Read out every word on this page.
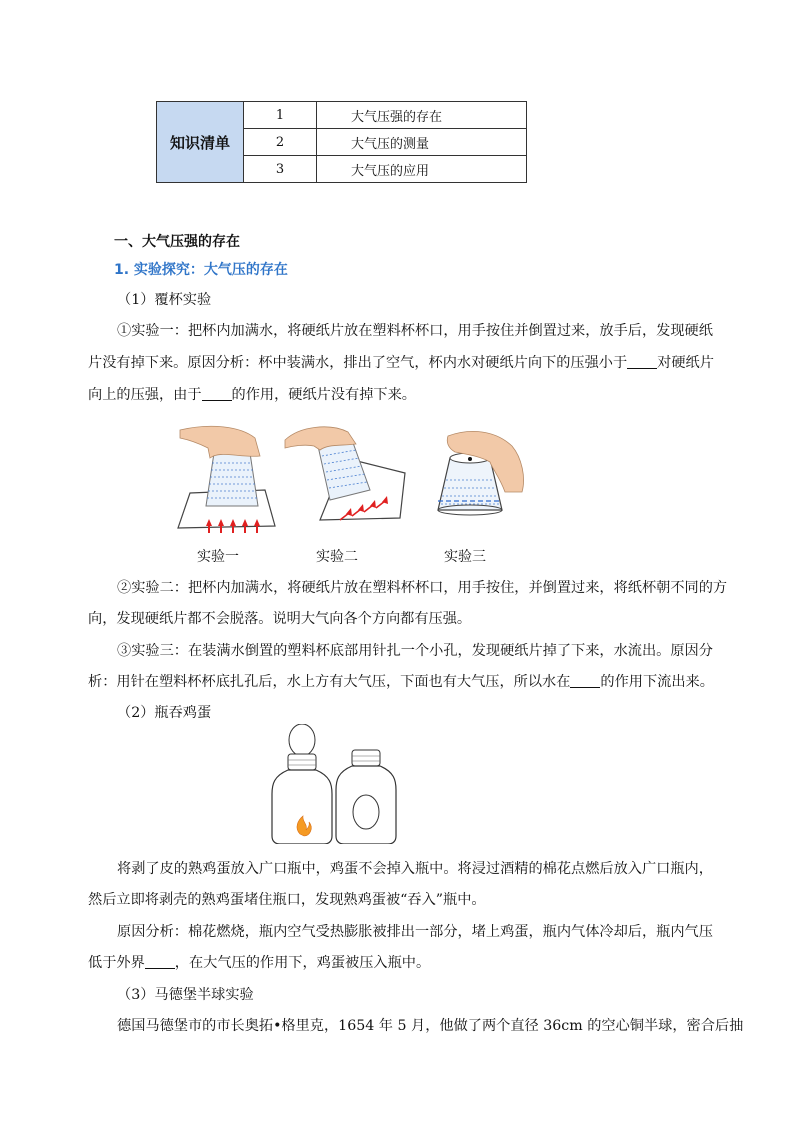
知识清单	1	大气压强的存在
	2	大气压的测量
	3	大气压的应用
一、大气压强的存在
1. 实验探究：大气压的存在
（1）覆杯实验
①实验一：把杯内加满水，将硬纸片放在塑料杯杯口，用手按住并倒置过来，放手后，发现硬纸
片没有掉下来。原因分析：杯中装满水，排出了空气，杯内水对硬纸片向下的压强小于 对硬纸片
向上的压强，由于 的作用，硬纸片没有掉下来。
实验一	实验二	实验三
②实验二：把杯内加满水，将硬纸片放在塑料杯杯口，用手按住，并倒置过来，将纸杯朝不同的方
向，发现硬纸片都不会脱落。说明大气向各个方向都有压强。
③实验三：在装满水倒置的塑料杯底部用针扎一个小孔，发现硬纸片掉了下来，水流出。原因分
析：用针在塑料杯杯底扎孔后，水上方有大气压，下面也有大气压，所以水在 的作用下流出来。
（2）瓶吞鸡蛋
将剥了皮的熟鸡蛋放入广口瓶中，鸡蛋不会掉入瓶中。将浸过酒精的棉花点燃后放入广口瓶内，
然后立即将剥壳的熟鸡蛋堵住瓶口，发现熟鸡蛋被“吞入”瓶中。
原因分析：棉花燃烧，瓶内空气受热膨胀被排出一部分，堵上鸡蛋，瓶内气体冷却后，瓶内气压
低于外界 ，在大气压的作用下，鸡蛋被压入瓶中。
（3）马德堡半球实验
德国马德堡市的市长奥拓•格里克，1654 年 5 月，他做了两个直径 36cm 的空心铜半球，密合后抽
